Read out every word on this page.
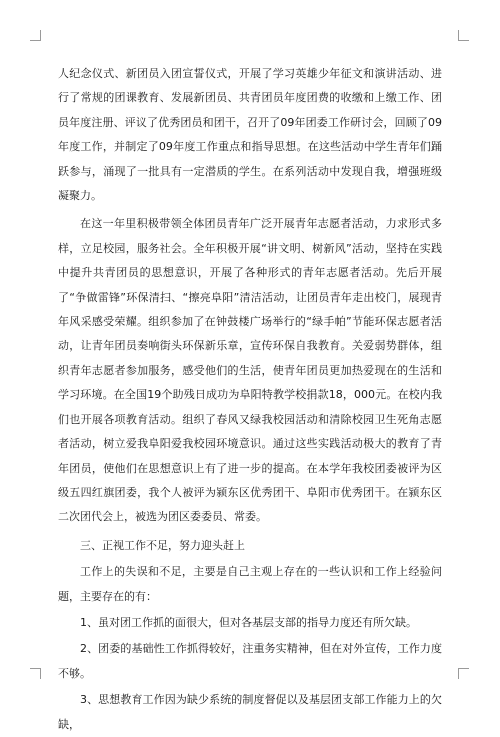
人纪念仪式、新团员入团宣誓仪式，开展了学习英雄少年征文和演讲活动、进行了常规的团课教育、发展新团员、共青团员年度团费的收缴和上缴工作、团员年度注册、评议了优秀团员和团干，召开了09年团委工作研讨会，回顾了09年度工作，并制定了09年度工作重点和指导思想。在这些活动中学生青年们踊跃参与，涌现了一批具有一定潜质的学生。在系列活动中发现自我，增强班级凝聚力。

在这一年里积极带领全体团员青年广泛开展青年志愿者活动，力求形式多样，立足校园，服务社会。全年积极开展“讲文明、树新风”活动，坚持在实践中提升共青团员的思想意识，开展了各种形式的青年志愿者活动。先后开展了“争做雷锋”环保清扫、“擦亮阜阳”清洁活动，让团员青年走出校门，展现青年风采感受荣耀。组织参加了在钟鼓楼广场举行的“绿手帕”节能环保志愿者活动，让青年团员奏响街头环保新乐章，宣传环保自我教育。关爱弱势群体，组织青年志愿者参加服务，感受他们的生活，使青年团员更加热爱现在的生活和学习环境。在全国19个助残日成功为阜阳特教学校捐款18，000元。在校内我们也开展各项教育活动。组织了春风又绿我校园活动和清除校园卫生死角志愿者活动，树立爱我阜阳爱我校园环境意识。通过这些实践活动极大的教育了青年团员，使他们在思想意识上有了进一步的提高。在本学年我校团委被评为区级五四红旗团委，我个人被评为颍东区优秀团干、阜阳市优秀团干。在颍东区二次团代会上，被选为团区委委员、常委。

三、正视工作不足，努力迎头赶上

工作上的失误和不足，主要是自己主观上存在的一些认识和工作上经验问题，主要存在的有：

1、虽对团工作抓的面很大，但对各基层支部的指导力度还有所欠缺。

2、团委的基础性工作抓得较好，注重务实精神，但在对外宣传，工作力度不够。

3、思想教育工作因为缺少系统的制度督促以及基层团支部工作能力上的欠缺，
